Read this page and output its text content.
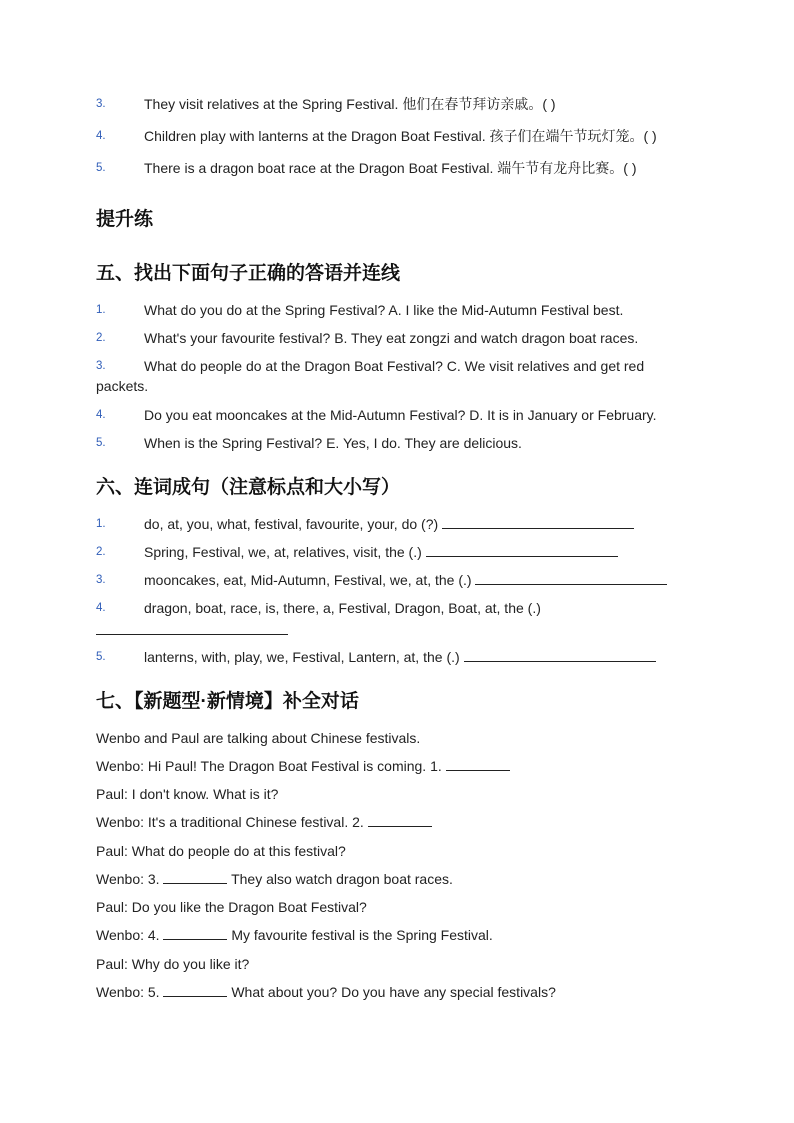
3.	They visit relatives at the Spring Festival. 他们在春节拜访亲戚。( )
4.	Children play with lanterns at the Dragon Boat Festival. 孩子们在端午节玩灯笼。( )
5.	There is a dragon boat race at the Dragon Boat Festival. 端午节有龙舟比赛。( )
提升练
五、找出下面句子正确的答语并连线
1.	What do you do at the Spring Festival? A. I like the Mid-Autumn Festival best.
2.	What's your favourite festival? B. They eat zongzi and watch dragon boat races.
3.	What do people do at the Dragon Boat Festival? C. We visit relatives and get red
packets.
4.	Do you eat mooncakes at the Mid-Autumn Festival? D. It is in January or February.
5.	When is the Spring Festival? E. Yes, I do. They are delicious.
六、连词成句（注意标点和大小写）
1.	do, at, you, what, festival, favourite, your, do (?)
2.	Spring, Festival, we, at, relatives, visit, the (.)
3.	mooncakes, eat, Mid-Autumn, Festival, we, at, the (.)
4.	dragon, boat, race, is, there, a, Festival, Dragon, Boat, at, the (.)
5.	lanterns, with, play, we, Festival, Lantern, at, the (.)
七、【新题型·新情境】补全对话
Wenbo and Paul are talking about Chinese festivals.
Wenbo: Hi Paul! The Dragon Boat Festival is coming. 1.
Paul: I don't know. What is it?
Wenbo: It's a traditional Chinese festival. 2.
Paul: What do people do at this festival?
Wenbo: 3.	They also watch dragon boat races.
Paul: Do you like the Dragon Boat Festival?
Wenbo: 4.	My favourite festival is the Spring Festival.
Paul: Why do you like it?
Wenbo: 5.	What about you? Do you have any special festivals?
